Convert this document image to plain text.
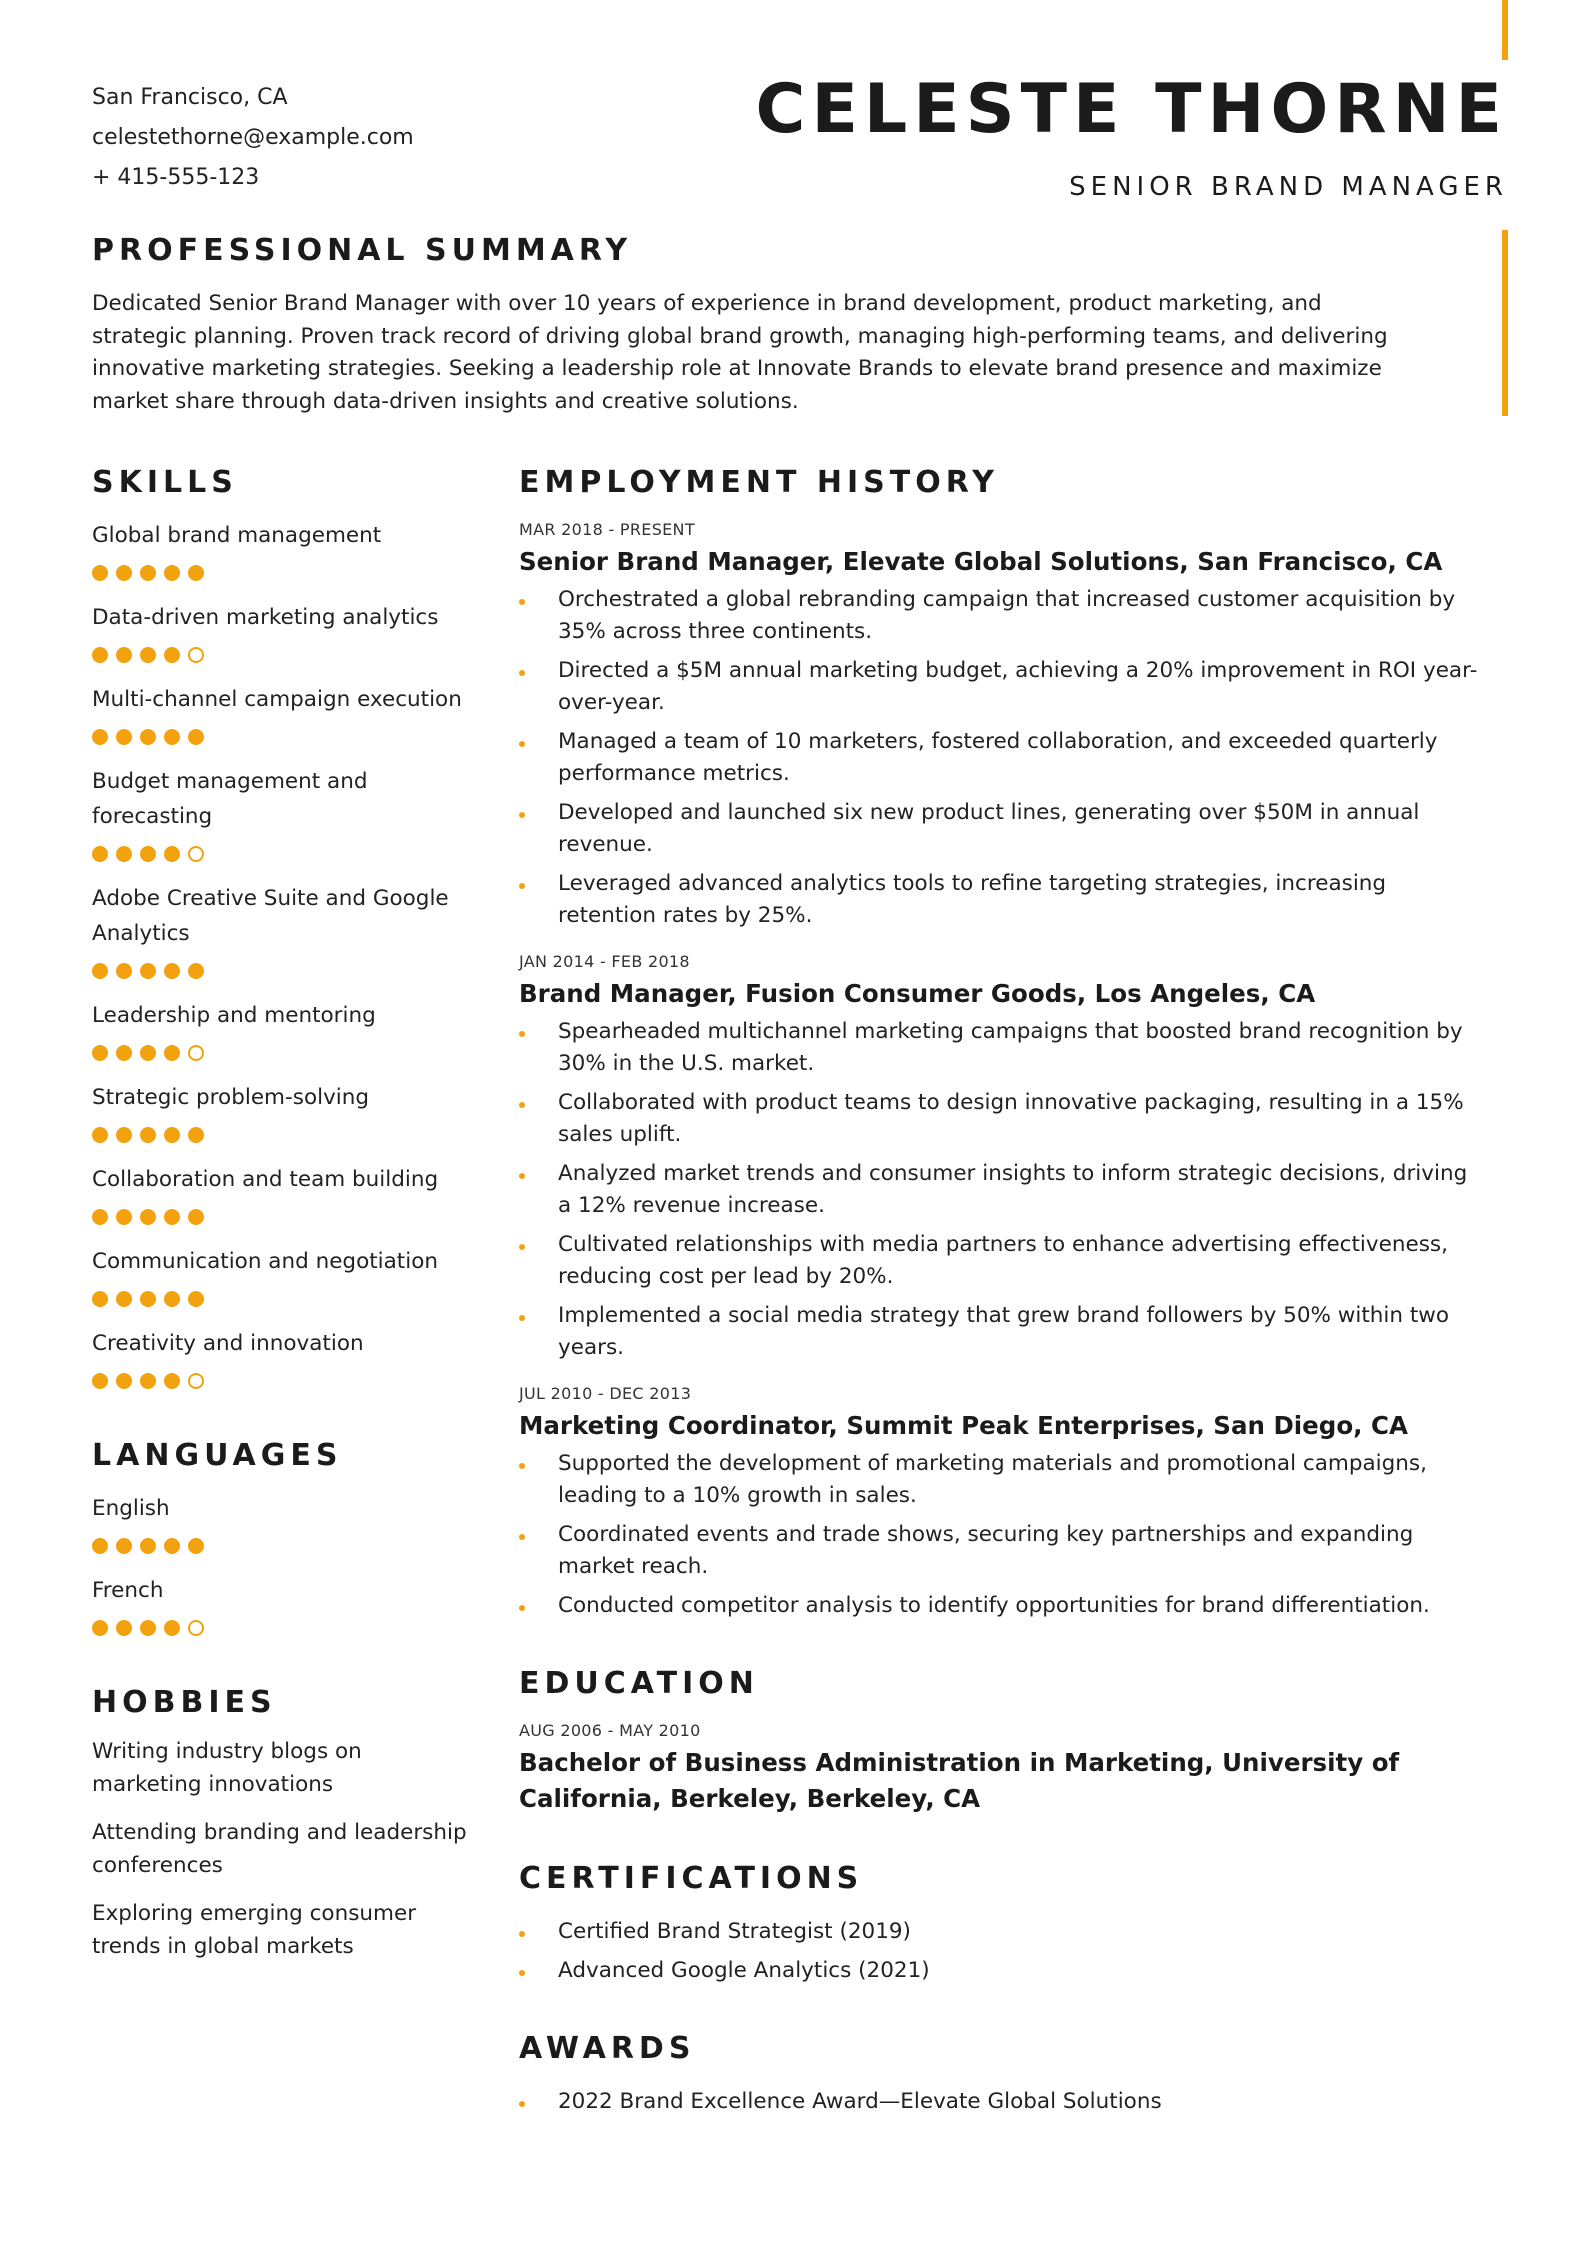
San Francisco, CA
celestethorne@example.com
+ 415-555-123
CELESTE THORNE
SENIOR BRAND MANAGER
PROFESSIONAL SUMMARY

Dedicated Senior Brand Manager with over 10 years of experience in brand development, product marketing, and strategic planning. Proven track record of driving global brand growth, managing high-performing teams, and delivering innovative marketing strategies. Seeking a leadership role at Innovate Brands to elevate brand presence and maximize market share through data-driven insights and creative solutions.

SKILLS
Global brand management
Data-driven marketing analytics
Multi-channel campaign execution
Budget management and forecasting
Adobe Creative Suite and Google Analytics
Leadership and mentoring
Strategic problem-solving
Collaboration and team building
Communication and negotiation
Creativity and innovation
LANGUAGES
English
French
HOBBIES
Writing industry blogs on marketing innovations
Attending branding and leadership conferences
Exploring emerging consumer trends in global markets
EMPLOYMENT HISTORY
MAR 2018 - PRESENT
Senior Brand Manager, Elevate Global Solutions, San Francisco, CA
Orchestrated a global rebranding campaign that increased customer acquisition by 35% across three continents.
Directed a $5M annual marketing budget, achieving a 20% improvement in ROI year-over-year.
Managed a team of 10 marketers, fostered collaboration, and exceeded quarterly performance metrics.
Developed and launched six new product lines, generating over $50M in annual revenue.
Leveraged advanced analytics tools to refine targeting strategies, increasing retention rates by 25%.
JAN 2014 - FEB 2018
Brand Manager, Fusion Consumer Goods, Los Angeles, CA
Spearheaded multichannel marketing campaigns that boosted brand recognition by 30% in the U.S. market.
Collaborated with product teams to design innovative packaging, resulting in a 15% sales uplift.
Analyzed market trends and consumer insights to inform strategic decisions, driving a 12% revenue increase.
Cultivated relationships with media partners to enhance advertising effectiveness, reducing cost per lead by 20%.
Implemented a social media strategy that grew brand followers by 50% within two years.
JUL 2010 - DEC 2013
Marketing Coordinator, Summit Peak Enterprises, San Diego, CA
Supported the development of marketing materials and promotional campaigns, leading to a 10% growth in sales.
Coordinated events and trade shows, securing key partnerships and expanding market reach.
Conducted competitor analysis to identify opportunities for brand differentiation.
EDUCATION
AUG 2006 - MAY 2010
Bachelor of Business Administration in Marketing, University of California, Berkeley, Berkeley, CA
CERTIFICATIONS
Certified Brand Strategist (2019)
Advanced Google Analytics (2021)
AWARDS
2022 Brand Excellence Award—Elevate Global Solutions
